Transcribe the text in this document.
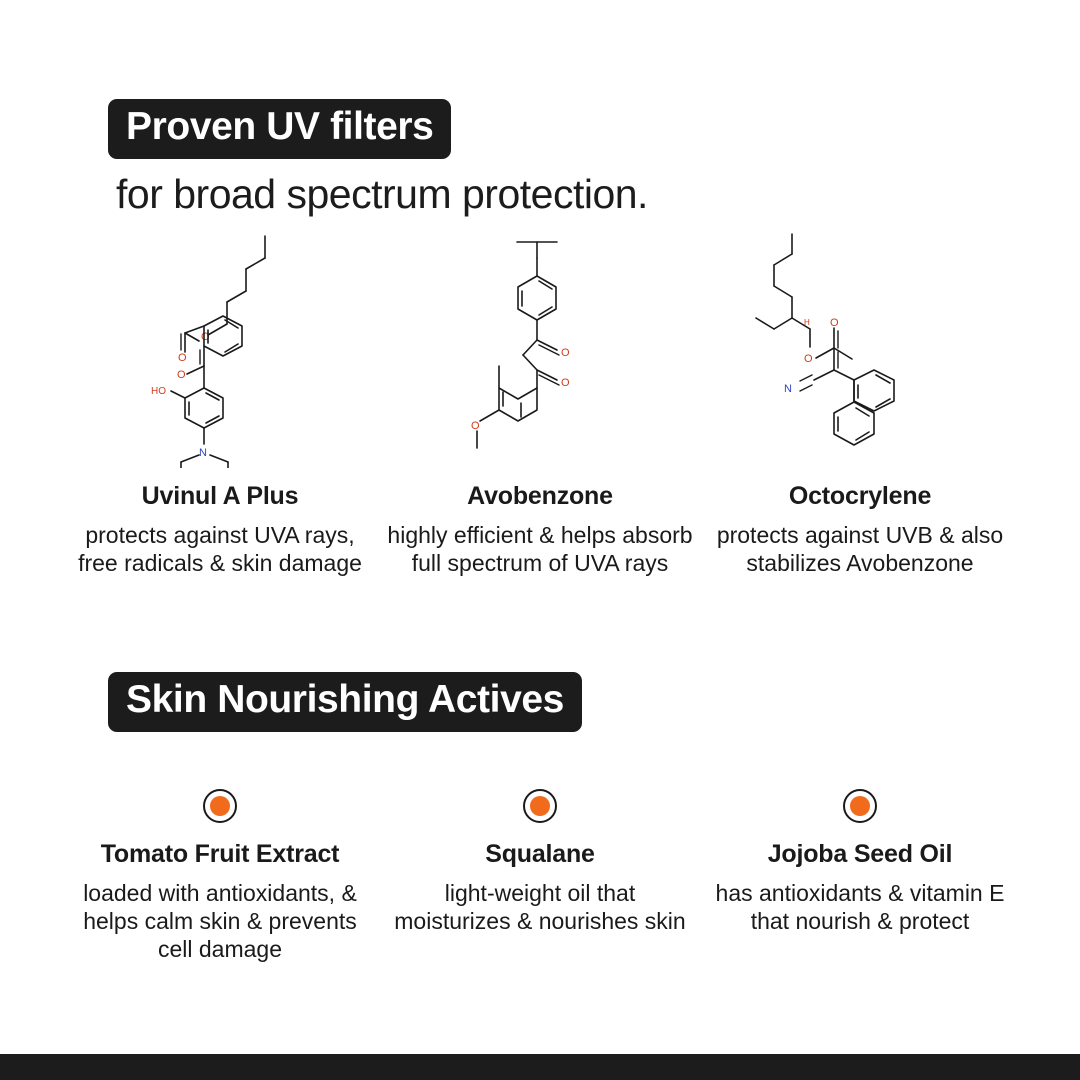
Proven UV filters
for broad spectrum protection.
O
O
O
HO
N
Uvinul A Plus
protects against UVA rays, free radicals & skin damage
O
O
O
Avobenzone
highly efficient & helps absorb full spectrum of UVA rays
H
O
O
N
Octocrylene
protects against UVB & also stabilizes Avobenzone
Skin Nourishing Actives
Tomato Fruit Extract
loaded with antioxidants, & helps calm skin & prevents cell damage
Squalane
light-weight oil that moisturizes & nourishes skin
Jojoba Seed Oil
has antioxidants & vitamin E that nourish & protect
